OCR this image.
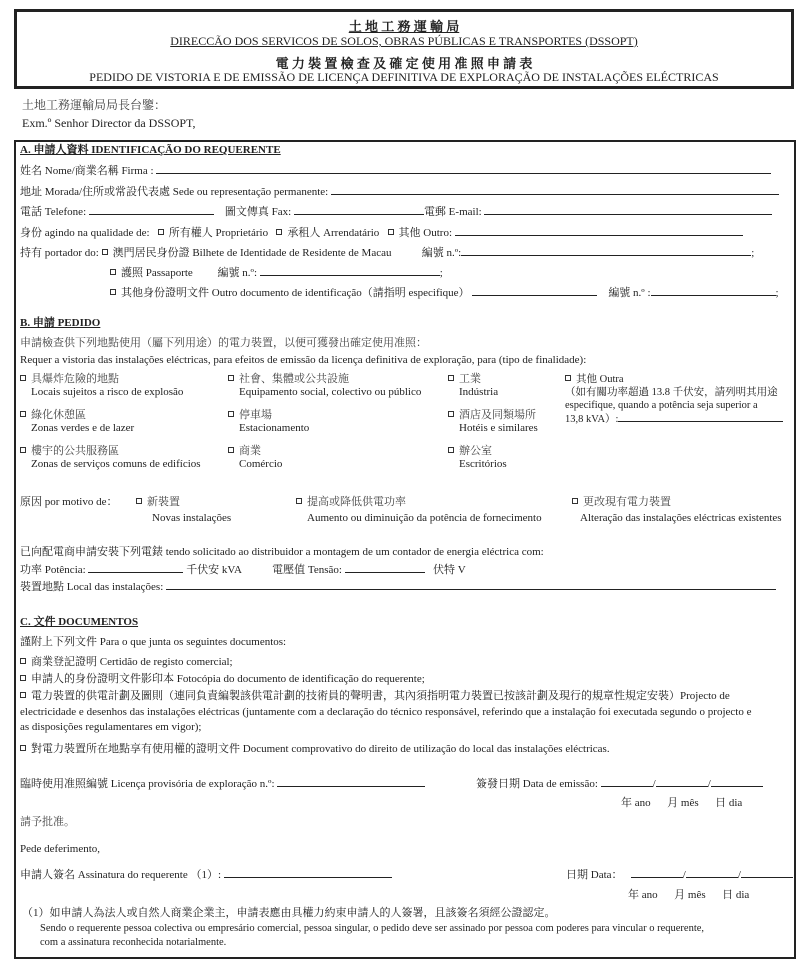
土 地 工 務 運 輸 局
DIRECCÃO DOS SERVICOS DE SOLOS, OBRAS PÚBLICAS E TRANSPORTES (DSSOPT)
電 力 裝 置 檢 查 及 確 定 使 用 准 照 申 請 表
PEDIDO DE VISTORIA E DE EMISSÃO DE LICENÇA DEFINITIVA DE EXPLORAÇÃO DE INSTALAÇÕES ELÉCTRICAS
土地工務運輸局局長台鑒：
Exm.º Senhor Director da DSSOPT,
A. 申請人資料 IDENTIFICAÇÃO DO REQUERENTE
姓名 Nome/商業名稱 Firma :
地址 Morada/住所或常設代表處 Sede ou representação permanente:
電話 Telefone:	圖文傳真 Fax:	電郵 E-mail:
身份 agindo na qualidade de: 所有權人 Proprietário 承租人 Arrendatário 其他 Outro:
持有 portador do: 澳門居民身份證 Bilhete de Identidade de Residente de Macau	編號 n.º:	;
護照 Passaporte 編號 n.º:	;
其他身份證明文件 Outro documento de identificação（請指明 especifique）	編號 n.º :	;
B. 申請 PEDIDO
申請檢查供下列地點使用（屬下列用途）的電力裝置，以便可獲發出確定使用准照：
Requer a vistoria das instalações eléctricas, para efeitos de emissão da licença definitiva de exploração, para (tipo de finalidade):
具爆炸危險的地點
Locais sujeitos a risco de explosão
社會、集體或公共設施
Equipamento social, colectivo ou público
工業
Indústria
綠化休憩區
Zonas verdes e de lazer
停車場
Estacionamento
酒店及同類場所
Hotéis e similares
樓宇的公共服務區
Zonas de serviços comuns de edifícios
商業
Comércio
辦公室
Escritórios
其他 Outra
（如有關功率超過 13.8 千伏安，請列明其用途
especifique, quando a potência seja superior a
13,8 kVA）:
原因 por motivo de：	新裝置
Novas instalações
提高或降低供電功率
Aumento ou diminuição da potência de fornecimento
更改現有電力裝置
Alteração das instalações eléctricas existentes
已向配電商申請安裝下列電錶 tendo solicitado ao distribuidor a montagem de um contador de energia eléctrica com:
功率 Potência:	千伏安 kVA	電壓值 Tensão:	伏特 V
裝置地點 Local das instalações:
C. 文件 DOCUMENTOS
謹附上下列文件 Para o que junta os seguintes documentos:
商業登記證明 Certidão de registo comercial;
申請人的身份證明文件影印本 Fotocópia do documento de identificação do requerente;
電力裝置的供電計劃及圖則（連同負責編製該供電計劃的技術員的聲明書，其內須指明電力裝置已按該計劃及現行的規章性規定安裝）Projecto de
electricidade e desenhos das instalações eléctricas (juntamente com a declaração do técnico responsável, referindo que a instalação foi executada segundo o projecto e
as disposições regulamentares em vigor);
對電力裝置所在地點享有使用權的證明文件 Document comprovativo do direito de utilização do local das instalações eléctricas.
臨時使用准照編號 Licença provisória de exploração n.º:	簽發日期 Data de emissão:	/	/
年 ano 月 mês 日 dia
請予批准。
Pede deferimento,
申請人簽名 Assinatura do requerente （1）:	日期 Data：	/	/
年 ano 月 mês 日 dia
（1）如申請人為法人或自然人商業企業主，申請表應由具權力約束申請人的人簽署，且該簽名須經公證認定。
Sendo o requerente pessoa colectiva ou empresário comercial, pessoa singular, o pedido deve ser assinado por pessoa com poderes para vincular o requerente,
com a assinatura reconhecida notarialmente.
